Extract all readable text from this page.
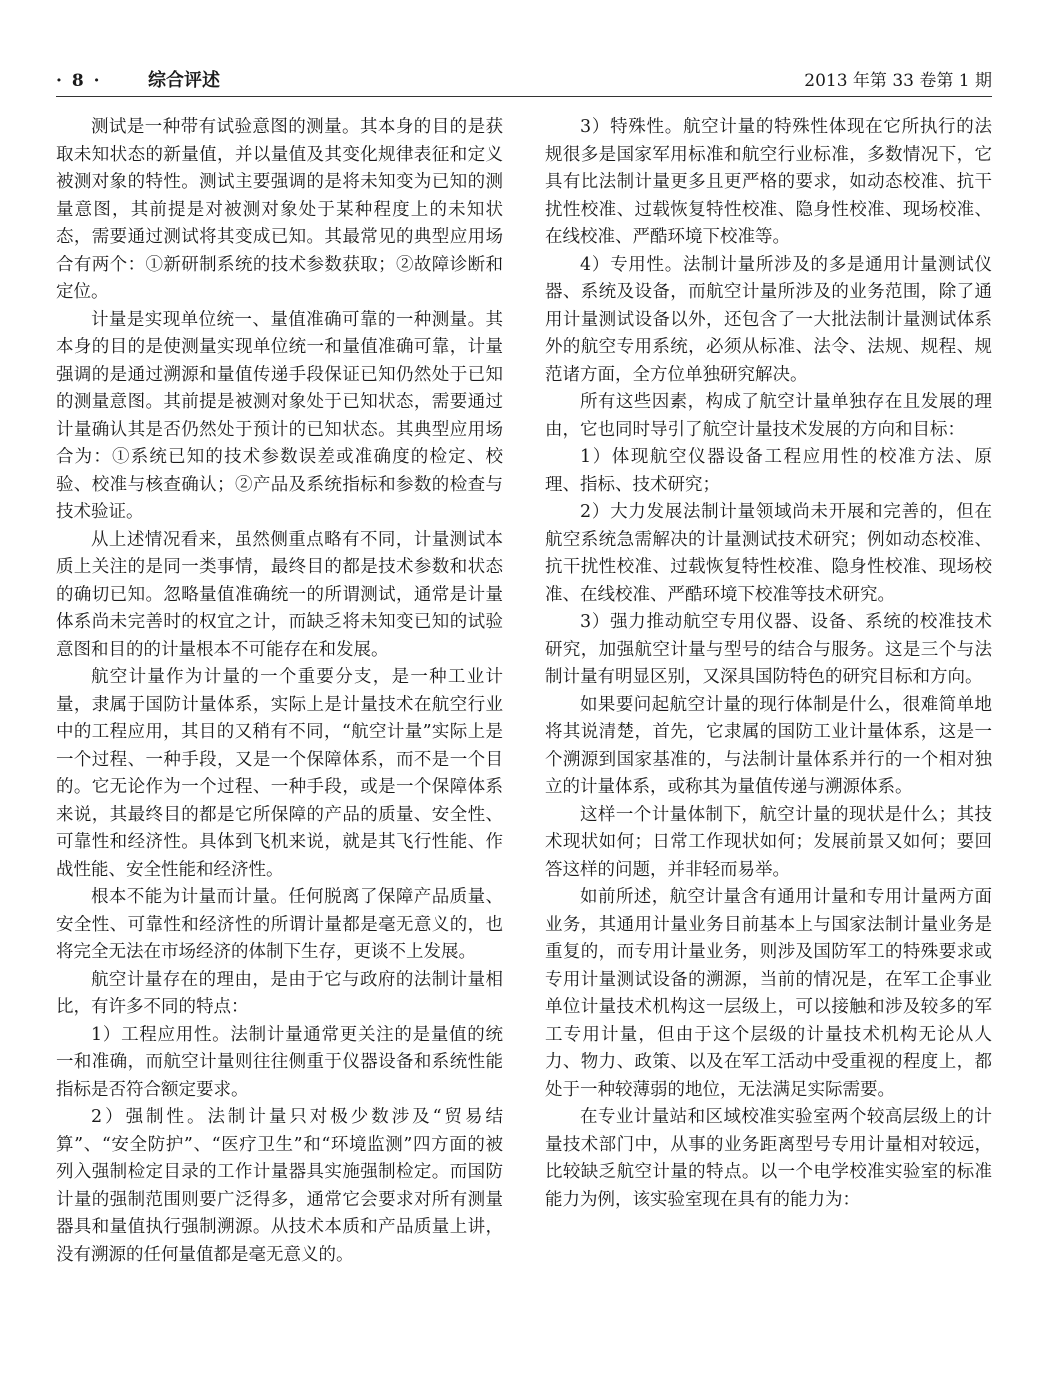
· 8 ·	综合评述	2013 年第 33 卷第 1 期

测试是一种带有试验意图的测量。其本身的目的是获取未知状态的新量值，并以量值及其变化规律表征和定义被测对象的特性。测试主要强调的是将未知变为已知的测量意图，其前提是对被测对象处于某种程度上的未知状态，需要通过测试将其变成已知。其最常见的典型应用场合有两个：①新研制系统的技术参数获取；②故障诊断和定位。

计量是实现单位统一、量值准确可靠的一种测量。其本身的目的是使测量实现单位统一和量值准确可靠，计量强调的是通过溯源和量值传递手段保证已知仍然处于已知的测量意图。其前提是被测对象处于已知状态，需要通过计量确认其是否仍然处于预计的已知状态。其典型应用场合为：①系统已知的技术参数误差或准确度的检定、校验、校准与核查确认；②产品及系统指标和参数的检查与技术验证。

从上述情况看来，虽然侧重点略有不同，计量测试本质上关注的是同一类事情，最终目的都是技术参数和状态的确切已知。忽略量值准确统一的所谓测试，通常是计量体系尚未完善时的权宜之计，而缺乏将未知变已知的试验意图和目的的计量根本不可能存在和发展。

航空计量作为计量的一个重要分支，是一种工业计量，隶属于国防计量体系，实际上是计量技术在航空行业中的工程应用，其目的又稍有不同，“航空计量”实际上是一个过程、一种手段，又是一个保障体系，而不是一个目的。它无论作为一个过程、一种手段，或是一个保障体系来说，其最终目的都是它所保障的产品的质量、安全性、可靠性和经济性。具体到飞机来说，就是其飞行性能、作战性能、安全性能和经济性。

根本不能为计量而计量。任何脱离了保障产品质量、安全性、可靠性和经济性的所谓计量都是毫无意义的，也将完全无法在市场经济的体制下生存，更谈不上发展。

航空计量存在的理由，是由于它与政府的法制计量相比，有许多不同的特点：

1）工程应用性。法制计量通常更关注的是量值的统一和准确，而航空计量则往往侧重于仪器设备和系统性能指标是否符合额定要求。

2）强制性。法制计量只对极少数涉及“贸易结算”、“安全防护”、“医疗卫生”和“环境监测”四方面的被列入强制检定目录的工作计量器具实施强制检定。而国防计量的强制范围则要广泛得多，通常它会要求对所有测量器具和量值执行强制溯源。从技术本质和产品质量上讲，没有溯源的任何量值都是毫无意义的。

3）特殊性。航空计量的特殊性体现在它所执行的法规很多是国家军用标准和航空行业标准，多数情况下，它具有比法制计量更多且更严格的要求，如动态校准、抗干扰性校准、过载恢复特性校准、隐身性校准、现场校准、在线校准、严酷环境下校准等。

4）专用性。法制计量所涉及的多是通用计量测试仪器、系统及设备，而航空计量所涉及的业务范围，除了通用计量测试设备以外，还包含了一大批法制计量测试体系外的航空专用系统，必须从标准、法令、法规、规程、规范诸方面，全方位单独研究解决。

所有这些因素，构成了航空计量单独存在且发展的理由，它也同时导引了航空计量技术发展的方向和目标：

1）体现航空仪器设备工程应用性的校准方法、原理、指标、技术研究；

2）大力发展法制计量领域尚未开展和完善的，但在航空系统急需解决的计量测试技术研究；例如动态校准、抗干扰性校准、过载恢复特性校准、隐身性校准、现场校准、在线校准、严酷环境下校准等技术研究。

3）强力推动航空专用仪器、设备、系统的校准技术研究，加强航空计量与型号的结合与服务。这是三个与法制计量有明显区别，又深具国防特色的研究目标和方向。

如果要问起航空计量的现行体制是什么，很难简单地将其说清楚，首先，它隶属的国防工业计量体系，这是一个溯源到国家基准的，与法制计量体系并行的一个相对独立的计量体系，或称其为量值传递与溯源体系。

这样一个计量体制下，航空计量的现状是什么；其技术现状如何；日常工作现状如何；发展前景又如何；要回答这样的问题，并非轻而易举。

如前所述，航空计量含有通用计量和专用计量两方面业务，其通用计量业务目前基本上与国家法制计量业务是重复的，而专用计量业务，则涉及国防军工的特殊要求或专用计量测试设备的溯源，当前的情况是，在军工企事业单位计量技术机构这一层级上，可以接触和涉及较多的军工专用计量，但由于这个层级的计量技术机构无论从人力、物力、政策、以及在军工活动中受重视的程度上，都处于一种较薄弱的地位，无法满足实际需要。

在专业计量站和区域校准实验室两个较高层级上的计量技术部门中，从事的业务距离型号专用计量相对较远，比较缺乏航空计量的特点。以一个电学校准实验室的标准能力为例，该实验室现在具有的能力为：
